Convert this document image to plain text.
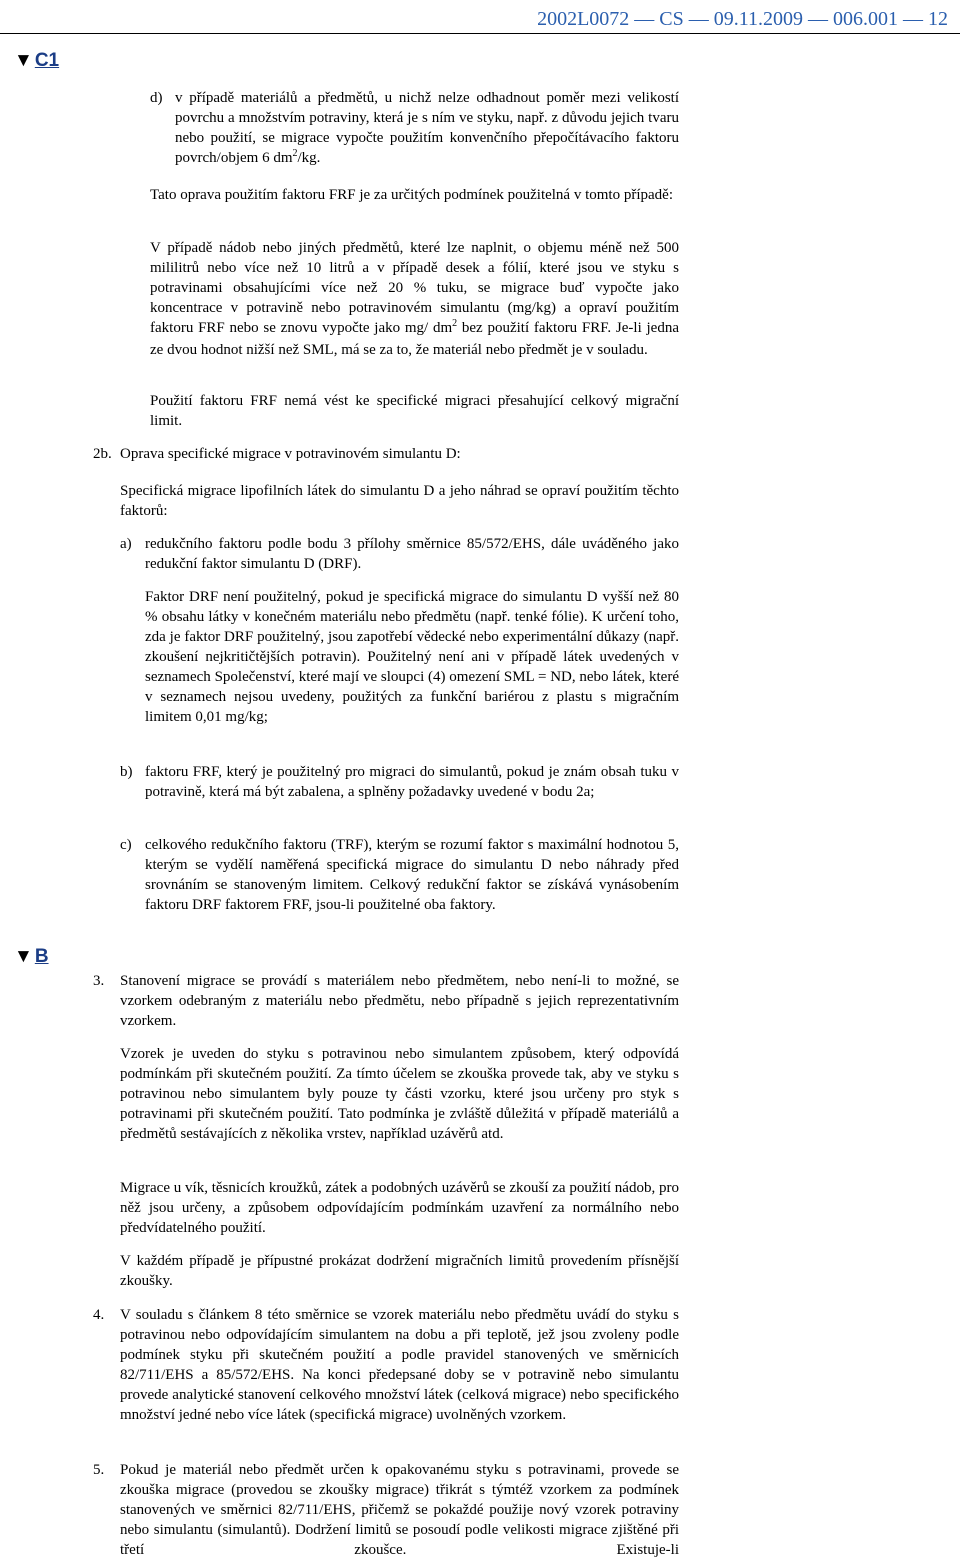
2002L0072 — CS — 09.11.2009 — 006.001 — 12
▼ C1
▼ B
d) v případě materiálů a předmětů, u nichž nelze odhadnout poměr mezi velikostí povrchu a množstvím potraviny, která je s ním ve styku, např. z důvodu jejich tvaru nebo použití, se migrace vypočte použitím konvenčního přepočítávacího faktoru povrch/objem 6 $dm^2/kg$.
Tato oprava použitím faktoru FRF je za určitých podmínek použitelná v tomto případě:
V případě nádob nebo jiných předmětů, které lze naplnit, o objemu méně než 500 mililitrů nebo více než 10 litrů a v případě desek a fólií, které jsou ve styku s potravinami obsahujícími více než 20 % tuku, se migrace buď vypočte jako koncentrace v potravině nebo potravinovém simulantu (mg/kg) a opraví použitím faktoru FRF nebo se znovu vypočte jako mg/ $dm^2$ bez použití faktoru FRF. Je-li jedna ze dvou hodnot nižší než SML, má se za to, že materiál nebo předmět je v souladu.
Použití faktoru FRF nemá vést ke specifické migraci přesahující celkový migrační limit.
2b. Oprava specifické migrace v potravinovém simulantu D:
Specifická migrace lipofilních látek do simulantu D a jeho náhrad se opraví použitím těchto faktorů:
a) redukčního faktoru podle bodu 3 přílohy směrnice 85/572/EHS, dále uváděného jako redukční faktor simulantu D (DRF).
Faktor DRF není použitelný, pokud je specifická migrace do simulantu D vyšší než 80 % obsahu látky v konečném materiálu nebo předmětu (např. tenké fólie). K určení toho, zda je faktor DRF použitelný, jsou zapotřebí vědecké nebo experimentální důkazy (např. zkoušení nejkritičtějších potravin). Použitelný není ani v případě látek uvedených v seznamech Společenství, které mají ve sloupci (4) omezení SML = ND, nebo látek, které v seznamech nejsou uvedeny, použitých za funkční bariérou z plastu s migračním limitem 0,01 mg/kg;
b) faktoru FRF, který je použitelný pro migraci do simulantů, pokud je znám obsah tuku v potravině, která má být zabalena, a splněny požadavky uvedené v bodu 2a;
c) celkového redukčního faktoru (TRF), kterým se rozumí faktor s maximální hodnotou 5, kterým se vydělí naměřená specifická migrace do simulantu D nebo náhrady před srovnáním se stanoveným limitem. Celkový redukční faktor se získává vynásobením faktoru DRF faktorem FRF, jsou-li použitelné oba faktory.
3. Stanovení migrace se provádí s materiálem nebo předmětem, nebo není-li to možné, se vzorkem odebraným z materiálu nebo předmětu, nebo případně s jejich reprezentativním vzorkem.
Vzorek je uveden do styku s potravinou nebo simulantem způsobem, který odpovídá podmínkám při skutečném použití. Za tímto účelem se zkouška provede tak, aby ve styku s potravinou nebo simulantem byly pouze ty části vzorku, které jsou určeny pro styk s potravinami při skutečném použití. Tato podmínka je zvláště důležitá v případě materiálů a předmětů sestávajících z několika vrstev, například uzávěrů atd.
Migrace u vík, těsnicích kroužků, zátek a podobných uzávěrů se zkouší za použití nádob, pro něž jsou určeny, a způsobem odpovídajícím podmínkám uzavření za normálního nebo předvídatelného použití.
V každém případě je přípustné prokázat dodržení migračních limitů provedením přísnější zkoušky.
4. V souladu s článkem 8 této směrnice se vzorek materiálu nebo předmětu uvádí do styku s potravinou nebo odpovídajícím simulantem na dobu a při teplotě, jež jsou zvoleny podle podmínek styku při skutečném použití a podle pravidel stanovených ve směrnicích 82/711/EHS a 85/572/EHS. Na konci předepsané doby se v potravině nebo simulantu provede analytické stanovení celkového množství látek (celková migrace) nebo specifického množství jedné nebo více látek (specifická migrace) uvolněných vzorkem.
5. Pokud je materiál nebo předmět určen k opakovanému styku s potravinami, provede se zkouška migrace (provedou se zkoušky migrace) třikrát s týmtéž vzorkem za podmínek stanovených ve směrnici 82/711/EHS, přičemž se pokaždé použije nový vzorek potraviny nebo simulantu (simulantů). Dodržení limitů se posoudí podle velikosti migrace zjištěné při třetí zkoušce. Existuje-li
